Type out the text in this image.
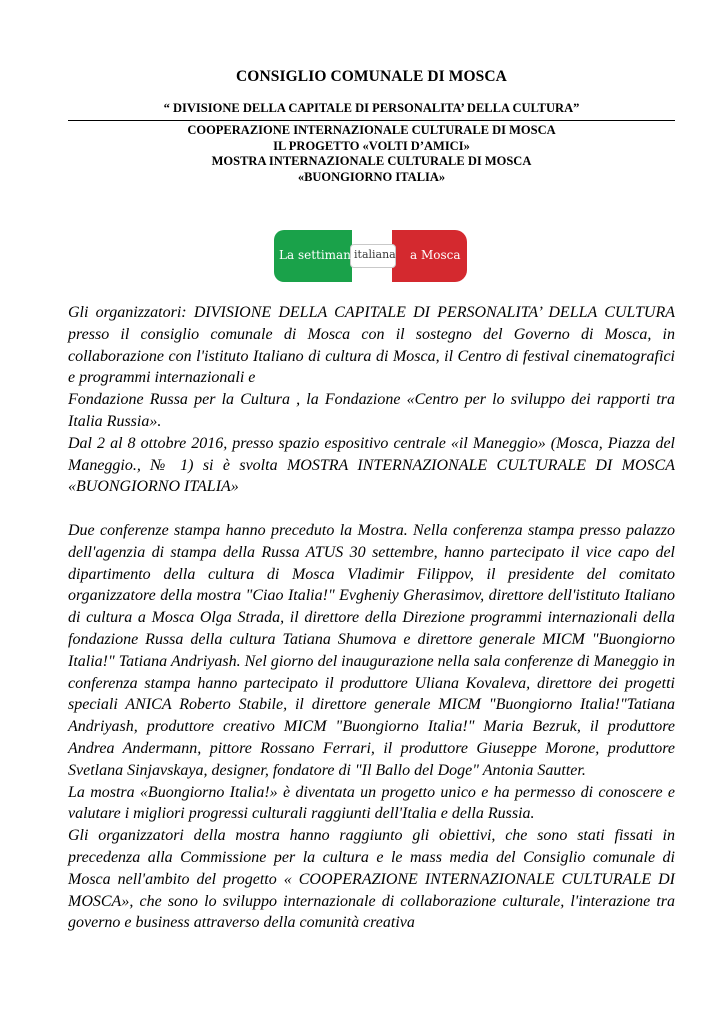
CONSIGLIO COMUNALE DI MOSCA
“ DIVISIONE DELLA CAPITALE DI PERSONALITA’ DELLA CULTURA”
COOPERAZIONE INTERNAZIONALE CULTURALE DI MOSCA
IL PROGETTO «VOLTI D’AMICI»
MOSTRA INTERNAZIONALE CULTURALE DI MOSCA
«BUONGIORNO ITALIA»
La settimana
italiana a Mosca

Gli organizzatori: DIVISIONE DELLA CAPITALE DI PERSONALITA’ DELLA CULTURA presso il consiglio comunale di Mosca con il sostegno del Governo di Mosca, in collaborazione con l'istituto Italiano di cultura di Mosca, il Centro di festival cinematografici e programmi internazionali e

Fondazione Russa per la Cultura , la Fondazione «Centro per lo sviluppo dei rapporti tra Italia Russia».

Dal 2 al 8 ottobre 2016, presso spazio espositivo centrale «il Maneggio» (Mosca, Piazza del Maneggio., № 1) si è svolta MOSTRA INTERNAZIONALE CULTURALE DI MOSCA «BUONGIORNO ITALIA»

Due conferenze stampa hanno preceduto la Mostra. Nella conferenza stampa presso palazzo dell'agenzia di stampa della Russa ATUS 30 settembre, hanno partecipato il vice capo del dipartimento della cultura di Mosca Vladimir Filippov, il presidente del comitato organizzatore della mostra "Ciao Italia!" Evgheniy Gherasimov, direttore dell'istituto Italiano di cultura a Mosca Olga Strada, il direttore della Direzione programmi internazionali della fondazione Russa della cultura Tatiana Shumova e direttore generale MICM "Buongiorno Italia!" Tatiana Andriyash. Nel giorno del inaugurazione nella sala conferenze di Maneggio in conferenza stampa hanno partecipato il produttore Uliana Kovaleva, direttore dei progetti speciali ANICA Roberto Stabile, il direttore generale MICM "Buongiorno Italia!"Tatiana Andriyash, produttore creativo MICM "Buongiorno Italia!" Maria Bezruk, il produttore Andrea Andermann, pittore Rossano Ferrari, il produttore Giuseppe Morone, produttore Svetlana Sinjavskaya, designer, fondatore di "Il Ballo del Doge" Antonia Sautter.

La mostra «Buongiorno Italia!» è diventata un progetto unico e ha permesso di conoscere e valutare i migliori progressi culturali raggiunti dell'Italia e della Russia.

Gli organizzatori della mostra hanno raggiunto gli obiettivi, che sono stati fissati in precedenza alla Commissione per la cultura e le mass media del Consiglio comunale di Mosca nell'ambito del progetto « COOPERAZIONE INTERNAZIONALE CULTURALE DI MOSCA», che sono lo sviluppo internazionale di collaborazione culturale, l'interazione tra governo e business attraverso della comunità creativa
